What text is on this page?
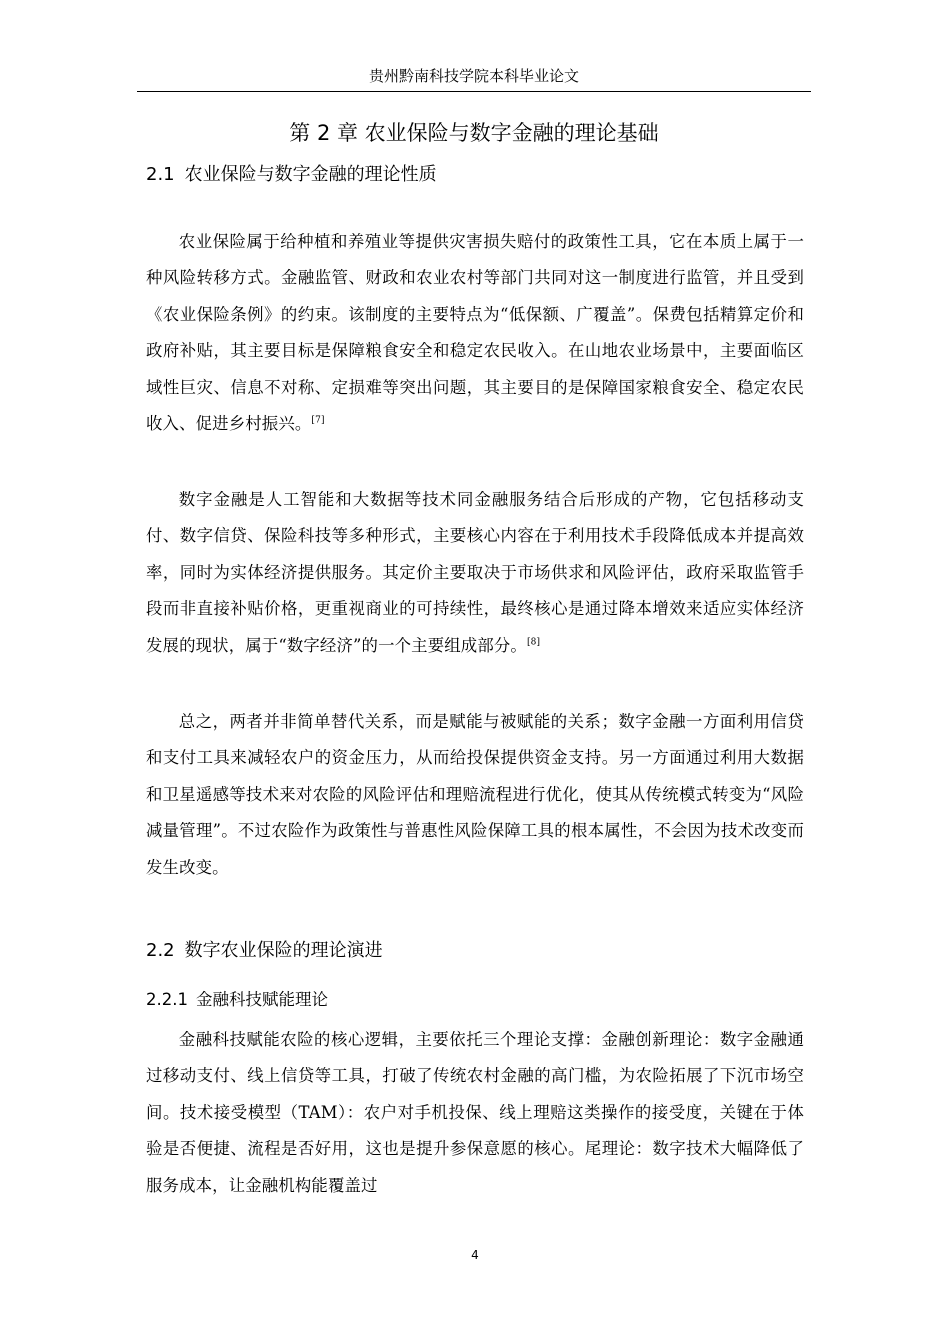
贵州黔南科技学院本科毕业论文
第 2 章 农业保险与数字金融的理论基础
2.1 农业保险与数字金融的理论性质
农业保险属于给种植和养殖业等提供灾害损失赔付的政策性工具，它在本质上属于一种风险转移方式。金融监管、财政和农业农村等部门共同对这一制度进行监管，并且受到《农业保险条例》的约束。该制度的主要特点为“低保额、广覆盖”。保费包括精算定价和政府补贴，其主要目标是保障粮食安全和稳定农民收入。在山地农业场景中，主要面临区域性巨灾、信息不对称、定损难等突出问题，其主要目的是保障国家粮食安全、稳定农民收入、促进乡村振兴。[7]
数字金融是人工智能和大数据等技术同金融服务结合后形成的产物，它包括移动支付、数字信贷、保险科技等多种形式，主要核心内容在于利用技术手段降低成本并提高效率，同时为实体经济提供服务。其定价主要取决于市场供求和风险评估，政府采取监管手段而非直接补贴价格，更重视商业的可持续性，最终核心是通过降本增效来适应实体经济发展的现状，属于“数字经济”的一个主要组成部分。[8]
总之，两者并非简单替代关系，而是赋能与被赋能的关系；数字金融一方面利用信贷和支付工具来减轻农户的资金压力，从而给投保提供资金支持。另一方面通过利用大数据和卫星遥感等技术来对农险的风险评估和理赔流程进行优化，使其从传统模式转变为“风险减量管理”。不过农险作为政策性与普惠性风险保障工具的根本属性，不会因为技术改变而发生改变。
2.2 数字农业保险的理论演进
2.2.1 金融科技赋能理论
金融科技赋能农险的核心逻辑，主要依托三个理论支撑：金融创新理论：数字金融通过移动支付、线上信贷等工具，打破了传统农村金融的高门槛，为农险拓展了下沉市场空间。技术接受模型（TAM）：农户对手机投保、线上理赔这类操作的接受度，关键在于体验是否便捷、流程是否好用，这也是提升参保意愿的核心。尾理论：数字技术大幅降低了服务成本，让金融机构能覆盖过
4
